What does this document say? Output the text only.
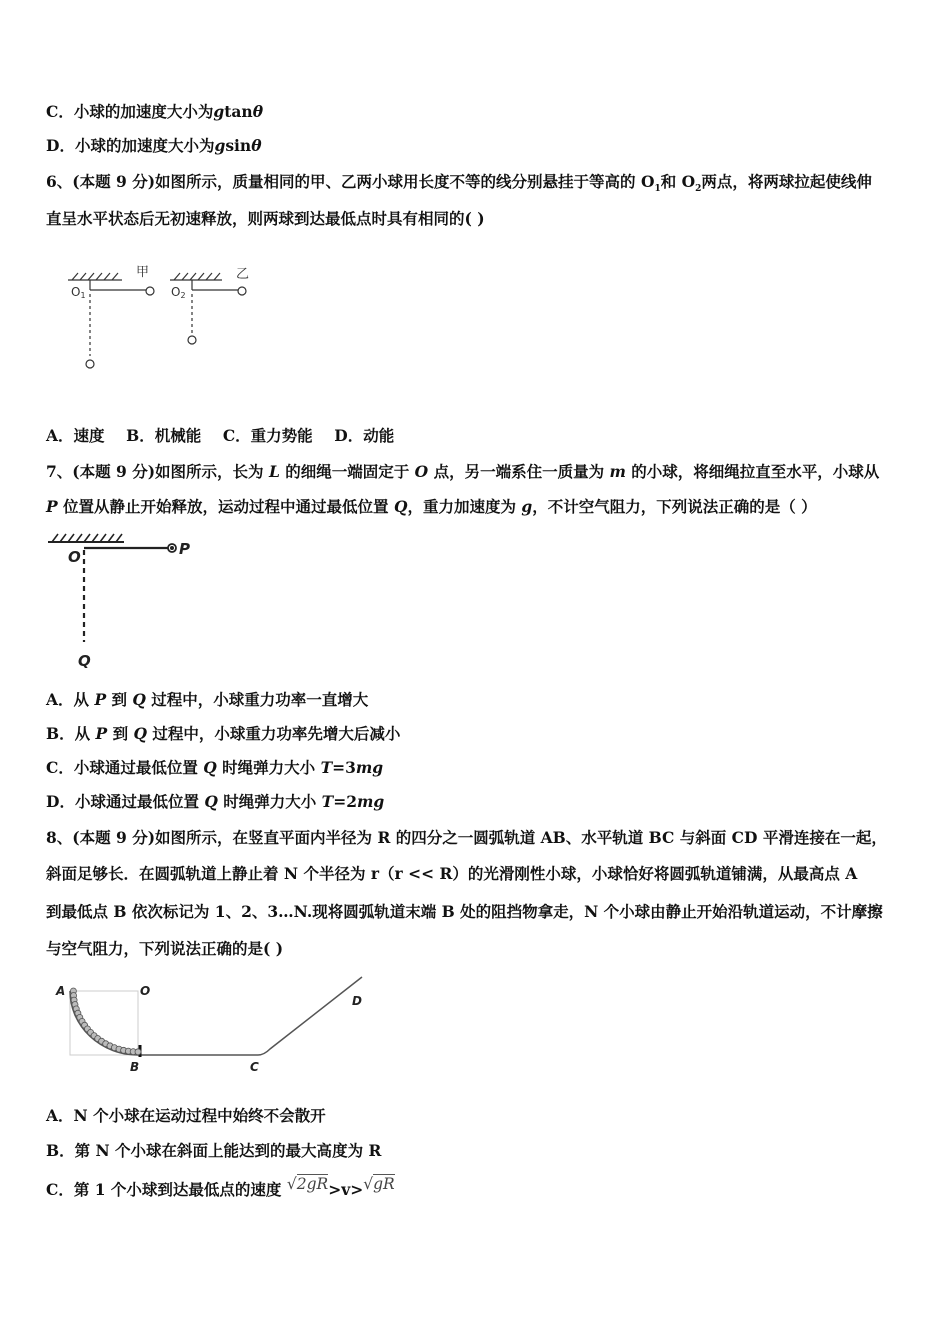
C．小球的加速度大小为gtanθ
D．小球的加速度大小为gsinθ
6、(本题 9 分)如图所示，质量相同的甲、乙两小球用长度不等的线分别悬挂于等高的 $O_1$和 $O_2$两点，将两球拉起使线伸
直呈水平状态后无初速释放，则两球到达最低点时具有相同的( )
甲	乙
O1	O2
A．速度 B．机械能 C．重力势能 D．动能
7、(本题 9 分)如图所示，长为 L 的细绳一端固定于 O 点，另一端系住一质量为 m 的小球，将细绳拉直至水平，小球从
P 位置从静止开始释放，运动过程中通过最低位置 Q，重力加速度为 g，不计空气阻力，下列说法正确的是（ ）
O	P
Q
A．从 P 到 Q 过程中，小球重力功率一直增大
B．从 P 到 Q 过程中，小球重力功率先增大后减小
C．小球通过最低位置 Q 时绳弹力大小 T=3mg
D．小球通过最低位置 Q 时绳弹力大小 T=2mg
8、(本题 9 分)如图所示，在竖直平面内半径为 R 的四分之一圆弧轨道 AB、水平轨道 BC 与斜面 CD 平滑连接在一起，
斜面足够长．在圆弧轨道上静止着 N 个半径为 r（r << R）的光滑刚性小球，小球恰好将圆弧轨道铺满，从最高点 A
到最低点 B 依次标记为 1、2、3…N.现将圆弧轨道末端 B 处的阻挡物拿走，N 个小球由静止开始沿轨道运动，不计摩擦
与空气阻力，下列说法正确的是( )
A	O
B	C
D
A．N 个小球在运动过程中始终不会散开
B．第 N 个小球在斜面上能达到的最大高度为 R
C．第 1 个小球到达最低点的速度 √2gR>v>√gR
